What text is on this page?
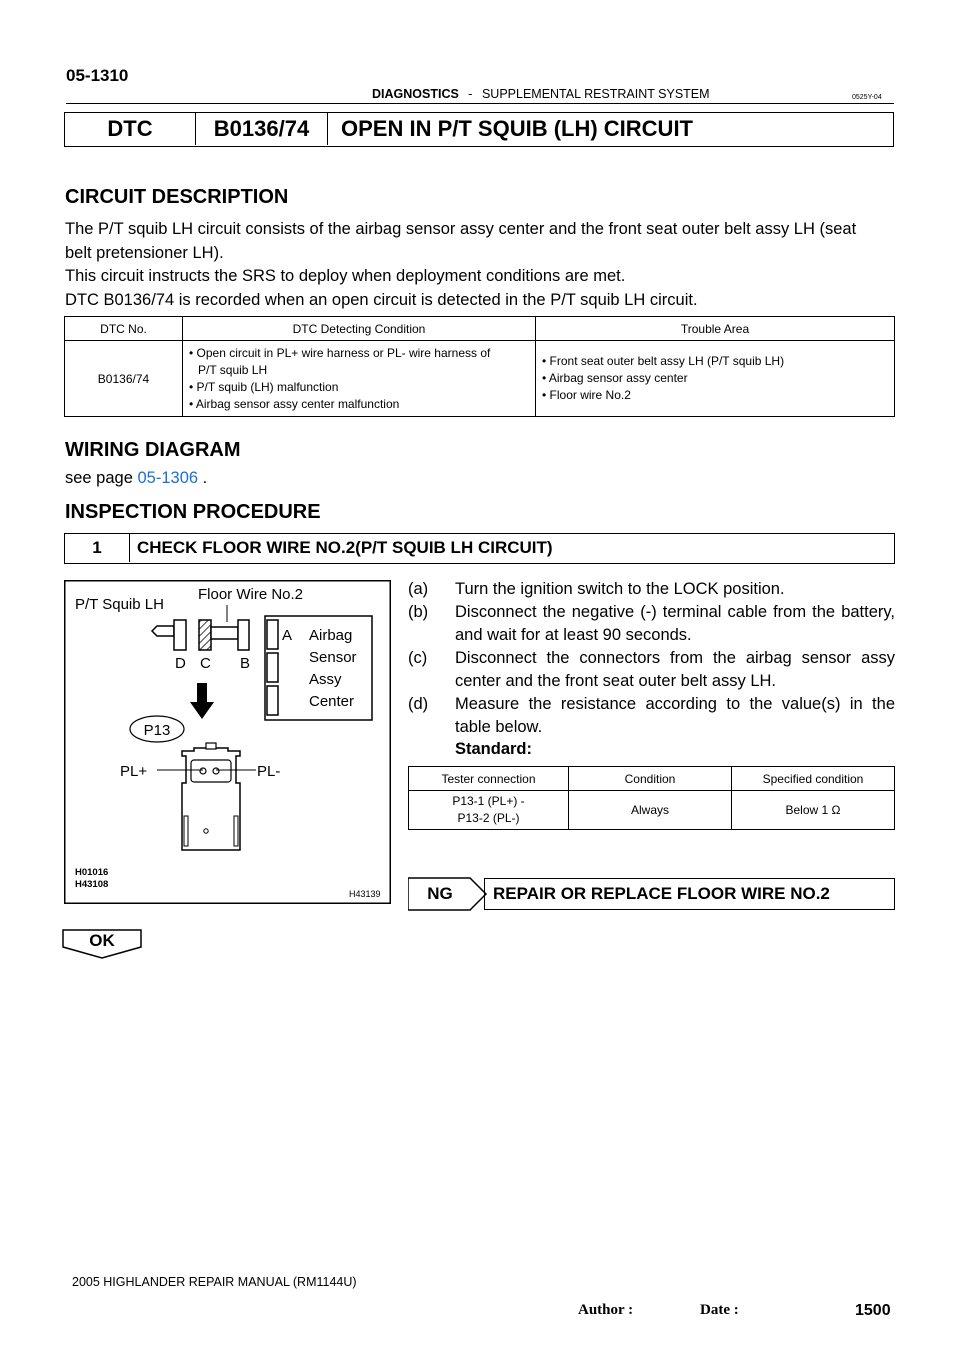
05-1310
DIAGNOSTICS - SUPPLEMENTAL RESTRAINT SYSTEM	0525Y-04
DTC	B0136/74	OPEN IN P/T SQUIB (LH) CIRCUIT
CIRCUIT DESCRIPTION
The P/T squib LH circuit consists of the airbag sensor assy center and the front seat outer belt assy LH (seat
belt pretensioner LH).
This circuit instructs the SRS to deploy when deployment conditions are met.
DTC B0136/74 is recorded when an open circuit is detected in the P/T squib LH circuit.
DTC No.	DTC Detecting Condition	Trouble Area
B0136/74	• Open circuit in PL+ wire harness or PL- wire harness of
P/T squib LH
• P/T squib (LH) malfunction
• Airbag sensor assy center malfunction	• Front seat outer belt assy LH (P/T squib LH)
• Airbag sensor assy center
• Floor wire No.2
WIRING DIAGRAM
see page 05-1306 .
INSPECTION PROCEDURE
1	CHECK FLOOR WIRE NO.2(P/T SQUIB LH CIRCUIT)
P/T Squib LH
Floor Wire No.2
D C B
A Airbag
Sensor
Assy
Center
P13
PL+	PL-
H01016
H43108
H43139
(a) Turn the ignition switch to the LOCK position.
(b) Disconnect the negative (-) terminal cable from the battery, and wait for at least 90 seconds.
(c) Disconnect the connectors from the airbag sensor assy center and the front seat outer belt assy LH.
(d) Measure the resistance according to the value(s) in the table below.
Standard:
Tester connection	Condition	Specified condition

P13-1 (PL+) -
P13-2 (PL-)	Always	Below 1 Ω
NG	REPAIR OR REPLACE FLOOR WIRE NO.2
OK
2005 HIGHLANDER REPAIR MANUAL (RM1144U)
Author :	Date :	1500
